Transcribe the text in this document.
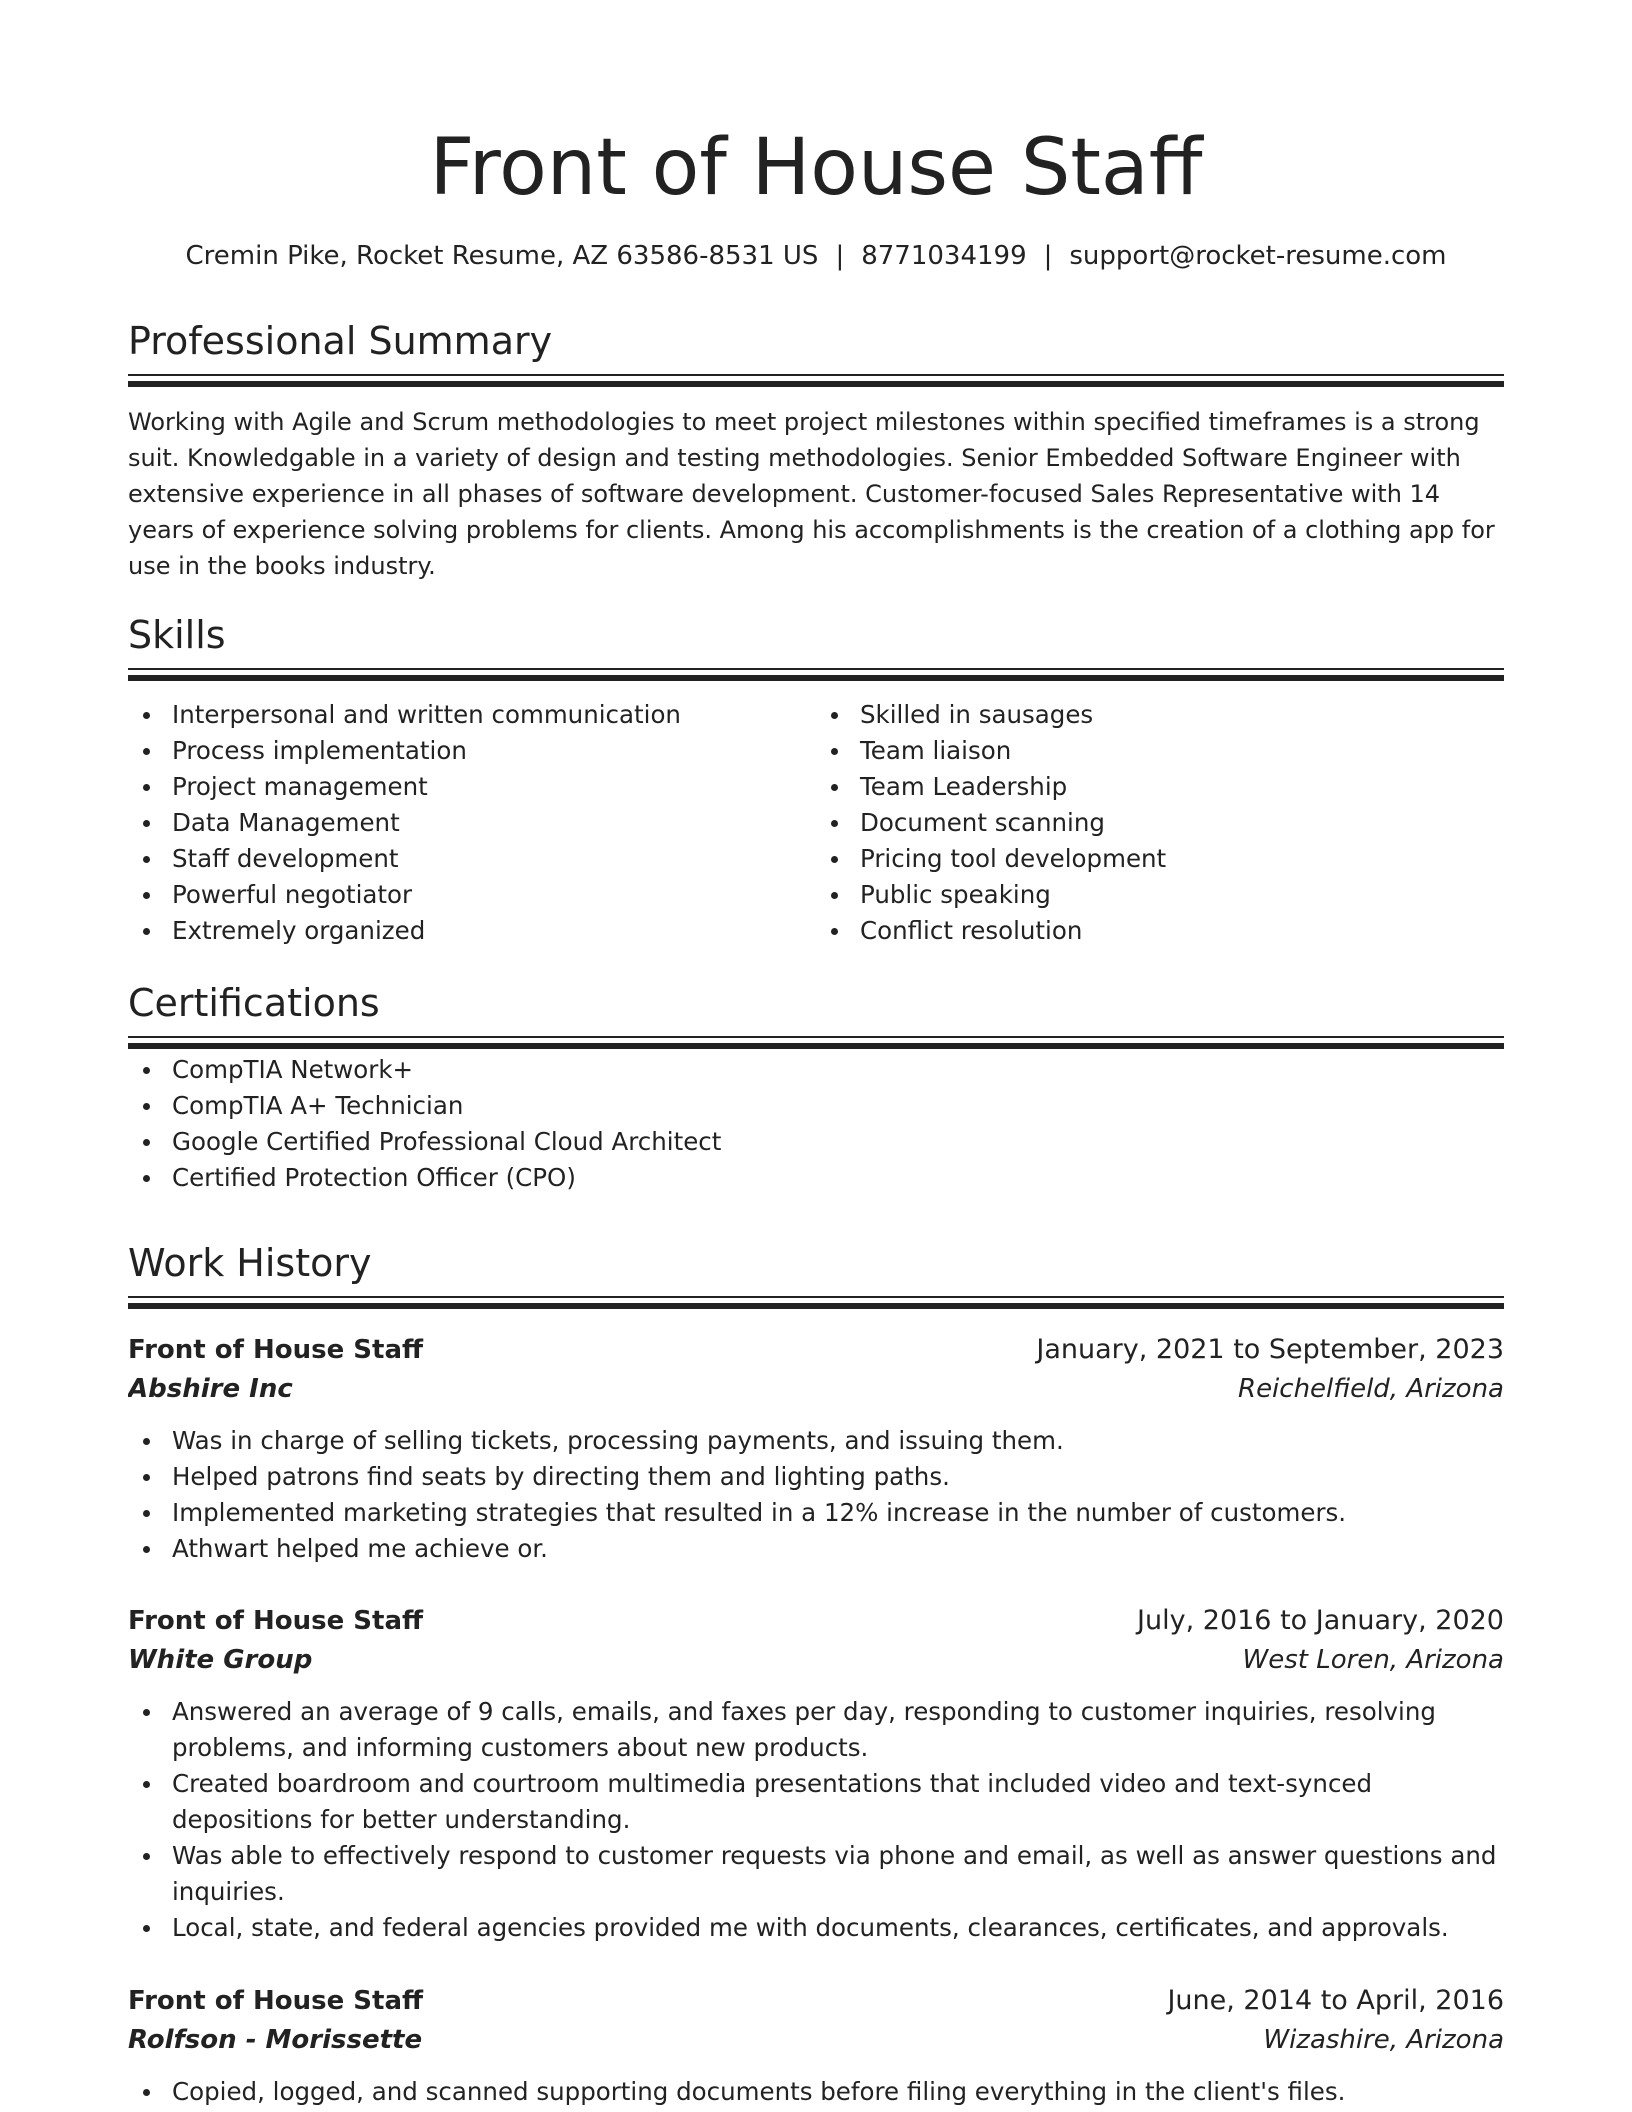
Front of House Staff
Cremin Pike, Rocket Resume, AZ 63586-8531 US | 8771034199 | support@rocket-resume.com
Professional Summary

Working with Agile and Scrum methodologies to meet project milestones within specified timeframes is a strong suit. Knowledgable in a variety of design and testing methodologies. Senior Embedded Software Engineer with extensive experience in all phases of software development. Customer-focused Sales Representative with 14 years of experience solving problems for clients. Among his accomplishments is the creation of a clothing app for use in the books industry.

Skills
Interpersonal and written communication
Process implementation
Project management
Data Management
Staff development
Powerful negotiator
Extremely organized
Skilled in sausages
Team liaison
Team Leadership
Document scanning
Pricing tool development
Public speaking
Conflict resolution
Certifications
CompTIA Network+
CompTIA A+ Technician
Google Certified Professional Cloud Architect
Certified Protection Officer (CPO)
Work History
Front of House Staff	January, 2021 to September, 2023
Abshire Inc	Reichelfield, Arizona
Was in charge of selling tickets, processing payments, and issuing them.
Helped patrons find seats by directing them and lighting paths.
Implemented marketing strategies that resulted in a 12% increase in the number of customers.
Athwart helped me achieve or.
Front of House Staff	July, 2016 to January, 2020
White Group	West Loren, Arizona
Answered an average of 9 calls, emails, and faxes per day, responding to customer inquiries, resolving problems, and informing customers about new products.
Created boardroom and courtroom multimedia presentations that included video and text-synced depositions for better understanding.
Was able to effectively respond to customer requests via phone and email, as well as answer questions and inquiries.
Local, state, and federal agencies provided me with documents, clearances, certificates, and approvals.
Front of House Staff	June, 2014 to April, 2016
Rolfson - Morissette	Wizashire, Arizona
Copied, logged, and scanned supporting documents before filing everything in the client's files.
